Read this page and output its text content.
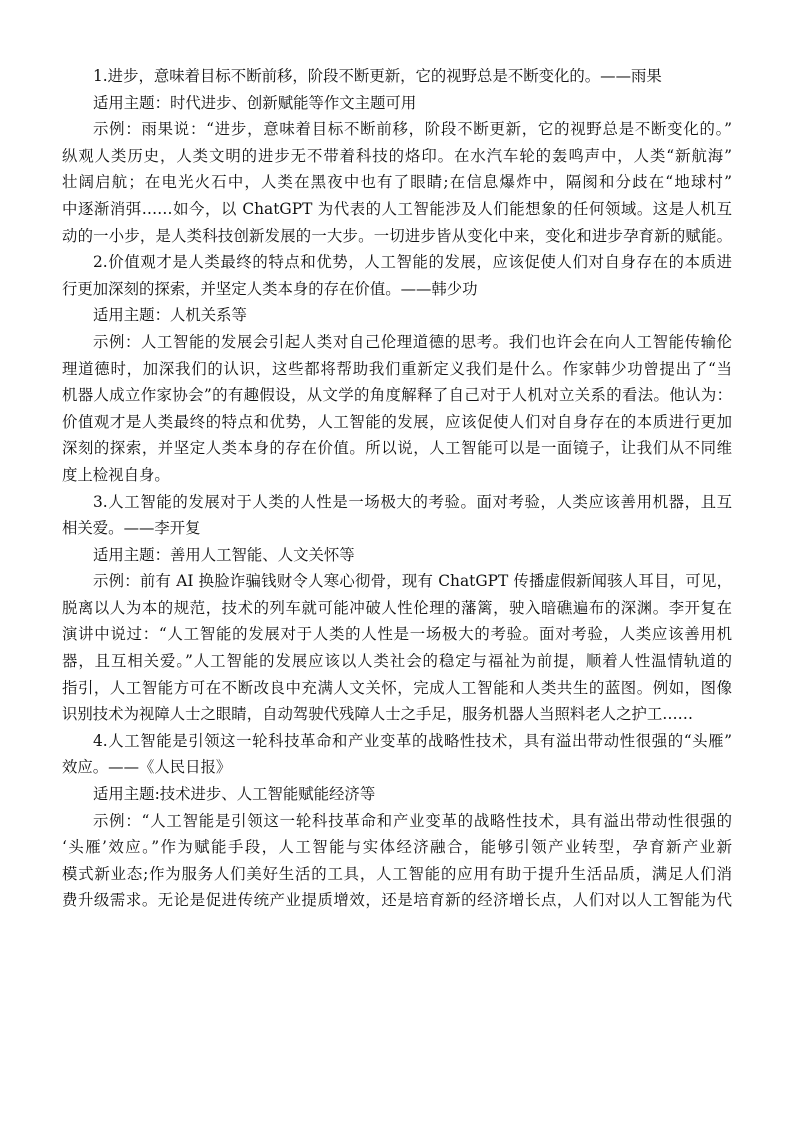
1.进步，意味着目标不断前移，阶段不断更新，它的视野总是不断变化的。——雨果
适用主题：时代进步、创新赋能等作文主题可用
示例：雨果说：“进步，意味着目标不断前移，阶段不断更新，它的视野总是不断变化的。”
纵观人类历史，人类文明的进步无不带着科技的烙印。在水汽车轮的轰鸣声中，人类“新航海”
壮阔启航；在电光火石中，人类在黑夜中也有了眼睛;在信息爆炸中，隔阂和分歧在“地球村”
中逐渐消弭……如今，以 ChatGPT 为代表的人工智能涉及人们能想象的任何领域。这是人机互
动的一小步，是人类科技创新发展的一大步。一切进步皆从变化中来，变化和进步孕育新的赋能。
2.价值观才是人类最终的特点和优势，人工智能的发展，应该促使人们对自身存在的本质进
行更加深刻的探索，并坚定人类本身的存在价值。——韩少功
适用主题：人机关系等
示例：人工智能的发展会引起人类对自己伦理道德的思考。我们也许会在向人工智能传输伦
理道德时，加深我们的认识，这些都将帮助我们重新定义我们是什么。作家韩少功曾提出了“当
机器人成立作家协会”的有趣假设，从文学的角度解释了自己对于人机对立关系的看法。他认为：
价值观才是人类最终的特点和优势，人工智能的发展，应该促使人们对自身存在的本质进行更加
深刻的探索，并坚定人类本身的存在价值。所以说，人工智能可以是一面镜子，让我们从不同维
度上检视自身。
3.人工智能的发展对于人类的人性是一场极大的考验。面对考验，人类应该善用机器，且互
相关爱。——李开复
适用主题：善用人工智能、人文关怀等
示例：前有 AI 换脸诈骗钱财令人寒心彻骨，现有 ChatGPT 传播虚假新闻骇人耳目，可见，
脱离以人为本的规范，技术的列车就可能冲破人性伦理的藩篱，驶入暗礁遍布的深渊。李开复在
演讲中说过：“人工智能的发展对于人类的人性是一场极大的考验。面对考验，人类应该善用机
器，且互相关爱。”人工智能的发展应该以人类社会的稳定与福祉为前提，顺着人性温情轨道的
指引，人工智能方可在不断改良中充满人文关怀，完成人工智能和人类共生的蓝图。例如，图像
识别技术为视障人士之眼睛，自动驾驶代残障人士之手足，服务机器人当照料老人之护工……
4.人工智能是引领这一轮科技革命和产业变革的战略性技术，具有溢出带动性很强的“头雁”
效应。——《人民日报》
适用主题:技术进步、人工智能赋能经济等
示例：“人工智能是引领这一轮科技革命和产业变革的战略性技术，具有溢出带动性很强的
‘头雁’效应。”作为赋能手段，人工智能与实体经济融合，能够引领产业转型，孕育新产业新
模式新业态;作为服务人们美好生活的工具，人工智能的应用有助于提升生活品质，满足人们消
费升级需求。无论是促进传统产业提质增效，还是培育新的经济增长点，人们对以人工智能为代
